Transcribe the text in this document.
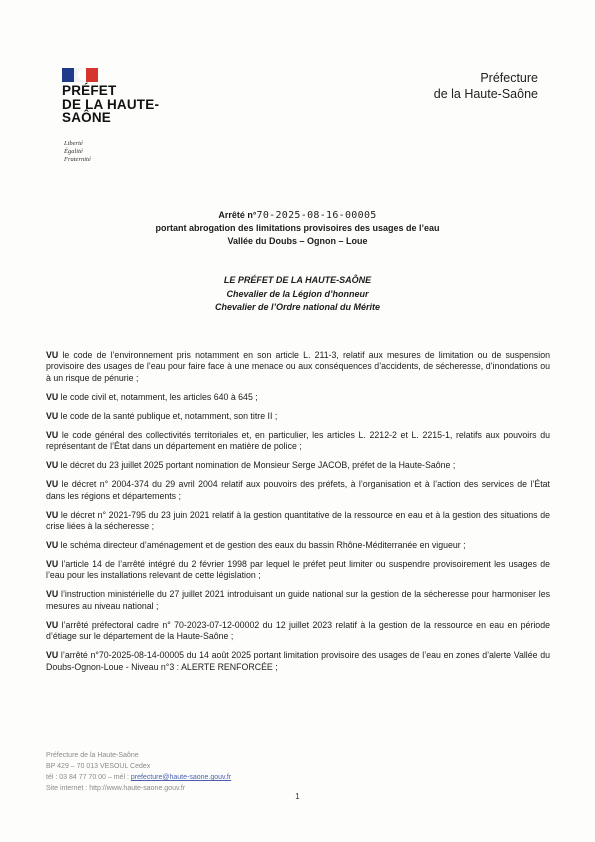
PRÉFET
DE LA HAUTE-
SAÔNE
Liberté
Égalité
Fraternité
Préfecture
de la Haute-Saône
Arrêté n°70-2025-08-16-00005
portant abrogation des limitations provisoires des usages de l’eau
Vallée du Doubs – Ognon – Loue
LE PRÉFET DE LA HAUTE-SAÔNE
Chevalier de la Légion d’honneur
Chevalier de l’Ordre national du Mérite

VU le code de l’environnement pris notamment en son article L. 211-3, relatif aux mesures de limitation ou de suspension provisoire des usages de l’eau pour faire face à une menace ou aux conséquences d’accidents, de sécheresse, d’inondations ou à un risque de pénurie ;

VU le code civil et, notamment, les articles 640 à 645 ;

VU le code de la santé publique et, notamment, son titre II ;

VU le code général des collectivités territoriales et, en particulier, les articles L. 2212-2 et L. 2215-1, relatifs aux pouvoirs du représentant de l’État dans un département en matière de police ;

VU le décret du 23 juillet 2025 portant nomination de Monsieur Serge JACOB, préfet de la Haute-Saône ;

VU le décret n° 2004-374 du 29 avril 2004 relatif aux pouvoirs des préfets, à l’organisation et à l’action des services de l’État dans les régions et départements ;

VU le décret n° 2021-795 du 23 juin 2021 relatif à la gestion quantitative de la ressource en eau et à la gestion des situations de crise liées à la sécheresse ;

VU le schéma directeur d’aménagement et de gestion des eaux du bassin Rhône-Méditerranée en vigueur ;

VU l’article 14 de l’arrêté intégré du 2 février 1998 par lequel le préfet peut limiter ou suspendre provisoirement les usages de l’eau pour les installations relevant de cette législation ;

VU l’instruction ministérielle du 27 juillet 2021 introduisant un guide national sur la gestion de la sécheresse pour harmoniser les mesures au niveau national ;

VU l’arrêté préfectoral cadre n° 70-2023-07-12-00002 du 12 juillet 2023 relatif à la gestion de la ressource en eau en période d’étiage sur le département de la Haute-Saône ;

VU l’arrêté n°70-2025-08-14-00005 du 14 août 2025 portant limitation provisoire des usages de l’eau en zones d’alerte Vallée du Doubs-Ognon-Loue - Niveau n°3 : ALERTE RENFORCÉE ;

Préfecture de la Haute-Saône
BP 429 – 70 013 VESOUL Cedex
tél : 03 84 77 70 00 – mél : prefecture@haute-saone.gouv.fr
Site internet : http://www.haute-saone.gouv.fr
1
